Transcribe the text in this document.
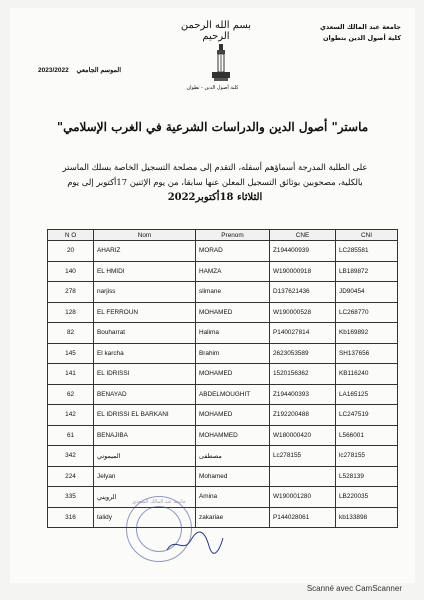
جامعة عبد المالك السعدي
كلية أصول الدين بتطوان
بسم الله الرحمن الرحيم
كلية أصول الدين - تطوان
2023/2022 الموسم الجامعي
ماستر" أصول الدين والدراسات الشرعية في الغرب الإسلامي"
على الطلبة المدرجة أسماؤهم أسفله، التقدم إلى مصلحة التسجيل الخاصة بسلك الماستر
بالكلية، مصحوبين بوثائق التسجيل المعلن عنها سابقا، من يوم الإثنين 17أكتوبر إلى يوم
الثلاثاء 18أكتوبر2022
N O	Nom	Prenom	CNE	CNI
20	AHARIZ	MORAD	Z194400939	LC285581
140	EL HMIDI	HAMZA	W190000918	LB189872
278	narjiss	slimane	D137621436	JD90454
128	EL FERROUN	MOHAMED	W190000528	LC268770
82	Bouharrat	Halima	P140027814	Kb169892
145	El karcha	Brahim	2623053589	SH137656
141	EL IDRISSI	MOHAMED	1520156362	KB116240
62	BENAYAD	ABDELMOUGHIT	Z194400393	LA165125
142	EL IDRISSI EL BARKANI	MOHAMED	Z192200488	LC247519
61	BENAJIBA	MOHAMMED	W180000420	L566001
342	الميموني	مصطفى	Lc278155	lc278155
224	Jelyan	Mohamed		L528139
335	الرويني	Amina	W190001280	LB220035
316	talidy	zakariae	P144028061	kb133898
جامعة عبد المالك السعدي
Scanné avec CamScanner
